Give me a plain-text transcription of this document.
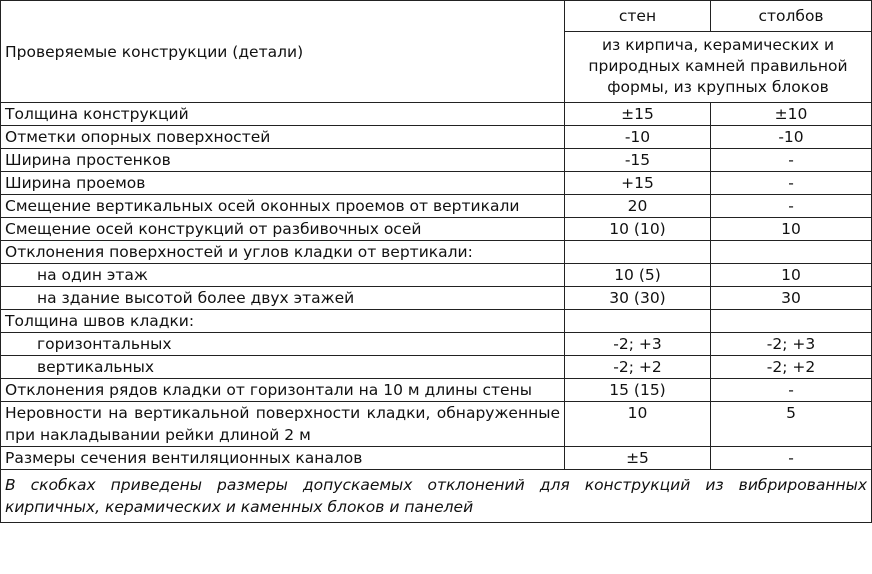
Проверяемые конструкции (детали)	стен	столбов
	из кирпича, керамических и природных камней правильной формы, из крупных блоков	
Толщина конструкций	±15	±10
Отметки опорных поверхностей	-10	-10
Ширина простенков	-15	-
Ширина проемов	+15	-
Смещение вертикальных осей оконных проемов от вертикали	20	-
Смещение осей конструкций от разбивочных осей	10 (10)	10
Отклонения поверхностей и углов кладки от вертикали:		
на один этаж	10 (5)	10
на здание высотой более двух этажей	30 (30)	30
Толщина швов кладки:		
горизонтальных	-2; +3	-2; +3
вертикальных	-2; +2	-2; +2
Отклонения рядов кладки от горизонтали на 10 м длины стены	15 (15)	-
Неровности на вертикальной поверхности кладки, обнаруженные при накладывании рейки длиной 2 м	10	5
Размеры сечения вентиляционных каналов	±5	-
В скобках приведены размеры допускаемых отклонений для конструкций из вибрированных кирпичных, керамических и каменных блоков и панелей		
